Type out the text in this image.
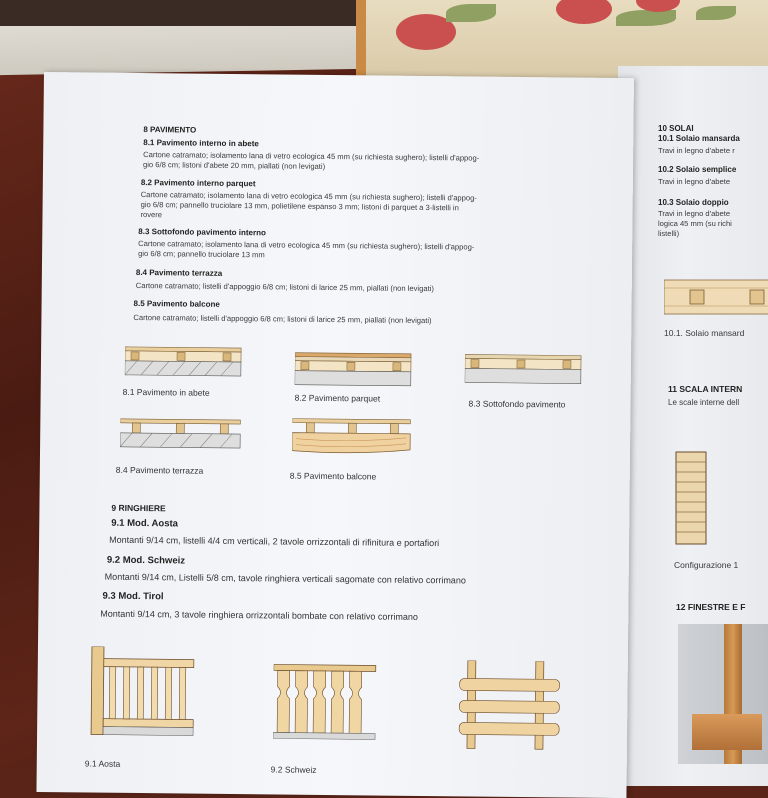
10 SOLAI
10.1 Solaio mansarda
Travi in legno d'abete r
10.2 Solaio semplice
Travi in legno d'abete
10.3 Solaio doppio
Travi in legno d'abete
logica 45 mm (su richi
listelli)
10.1. Solaio mansard
11 SCALA INTERN
Le scale interne dell
Configurazione 1
12 FINESTRE E F
8 PAVIMENTO
8.1 Pavimento interno in abete
Cartone catramato; isolamento lana di vetro ecologica 45 mm (su richiesta sughero); listelli d'appog-
gio 6/8 cm; listoni d'abete 20 mm, piallati (non levigati)
8.2 Pavimento interno parquet
Cartone catramato; isolamento lana di vetro ecologica 45 mm (su richiesta sughero); listelli d'appog-
gio 6/8 cm; pannello truciolare 13 mm, polietilene espanso 3 mm; listoni di parquet a 3-listelli in
rovere
8.3 Sottofondo pavimento interno
Cartone catramato; isolamento lana di vetro ecologica 45 mm (su richiesta sughero); listelli d'appog-
gio 6/8 cm; pannello truciolare 13 mm
8.4 Pavimento terrazza
Cartone catramato; listelli d'appoggio 6/8 cm; listoni di larice 25 mm, piallati (non levigati)
8.5 Pavimento balcone
Cartone catramato; listelli d'appoggio 6/8 cm; listoni di larice 25 mm, piallati (non levigati)
8.1 Pavimento in abete
8.2 Pavimento parquet
8.3 Sottofondo pavimento
8.4 Pavimento terrazza
8.5 Pavimento balcone
9 RINGHIERE
9.1 Mod. Aosta
Montanti 9/14 cm, listelli 4/4 cm verticali, 2 tavole orrizzontali di rifinitura e portafiori
9.2 Mod. Schweiz
Montanti 9/14 cm, Listelli 5/8 cm, tavole ringhiera verticali sagomate con relativo corrimano
9.3 Mod. Tirol
Montanti 9/14 cm, 3 tavole ringhiera orrizzontali bombate con relativo corrimano
9.1 Aosta
9.2 Schweiz
